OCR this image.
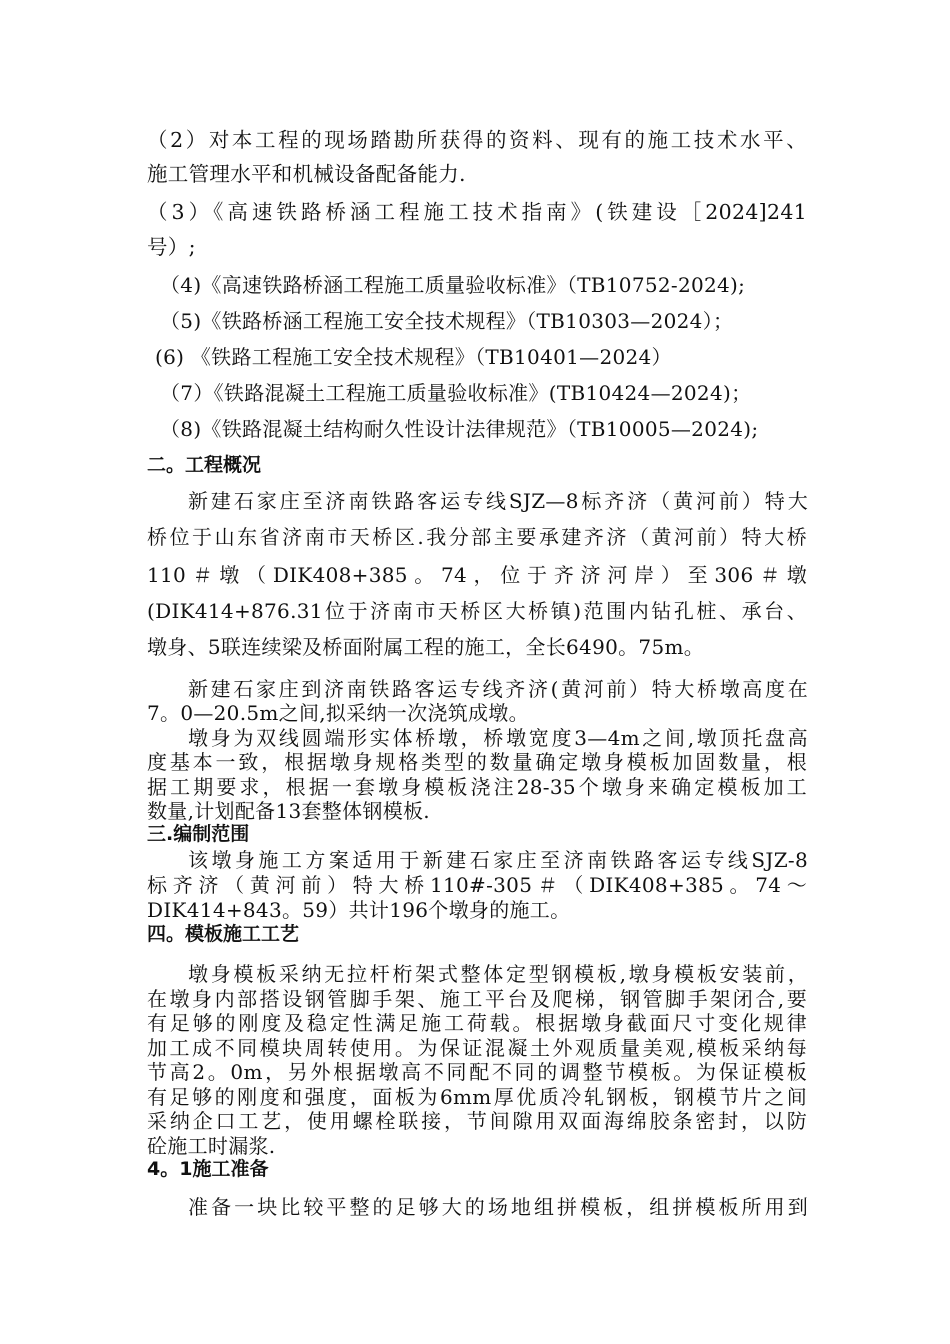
（2）对本工程的现场踏勘所获得的资料、现有的施工技术水平、
施工管理水平和机械设备配备能力.
（3）《高速铁路桥涵工程施工技术指南》(铁建设［2024]241
号）;
（4)《高速铁路桥涵工程施工质量验收标准》（TB10752-2024);
（5)《铁路桥涵工程施工安全技术规程》（TB10303—2024）；
(6) 《铁路工程施工安全技术规程》（TB10401—2024）
（7）《铁路混凝土工程施工质量验收标准》(TB10424—2024)；
（8)《铁路混凝土结构耐久性设计法律规范》（TB10005—2024);
二。工程概况
新建石家庄至济南铁路客运专线SJZ—8标齐济（黄河前）特大
桥位于山东省济南市天桥区.我分部主要承建齐济（黄河前）特大桥
110＃墩（DIK408+385。74，位于齐济河岸）至306＃墩
(DIK414+876.31位于济南市天桥区大桥镇)范围内钻孔桩、承台、
墩身、5联连续梁及桥面附属工程的施工，全长6490。75m。
新建石家庄到济南铁路客运专线齐济(黄河前）特大桥墩高度在
7。0—20.5m之间,拟采纳一次浇筑成墩。
墩身为双线圆端形实体桥墩，桥墩宽度3—4m之间,墩顶托盘高
度基本一致，根据墩身规格类型的数量确定墩身模板加固数量，根
据工期要求，根据一套墩身模板浇注28-35个墩身来确定模板加工
数量,计划配备13套整体钢模板.
三.编制范围
该墩身施工方案适用于新建石家庄至济南铁路客运专线SJZ-8
标齐济（黄河前）特大桥110#-305＃（DIK408+385。74～
DIK414+843。59）共计196个墩身的施工。
四。模板施工工艺
墩身模板采纳无拉杆桁架式整体定型钢模板,墩身模板安装前，
在墩身内部搭设钢管脚手架、施工平台及爬梯，钢管脚手架闭合,要
有足够的刚度及稳定性满足施工荷载。根据墩身截面尺寸变化规律
加工成不同模块周转使用。为保证混凝土外观质量美观,模板采纳每
节高2。0m，另外根据墩高不同配不同的调整节模板。为保证模板
有足够的刚度和强度，面板为6mm厚优质冷轧钢板，钢模节片之间
采纳企口工艺，使用螺栓联接，节间隙用双面海绵胶条密封，以防
砼施工时漏浆.
4。1施工准备
准备一块比较平整的足够大的场地组拼模板，组拼模板所用到
